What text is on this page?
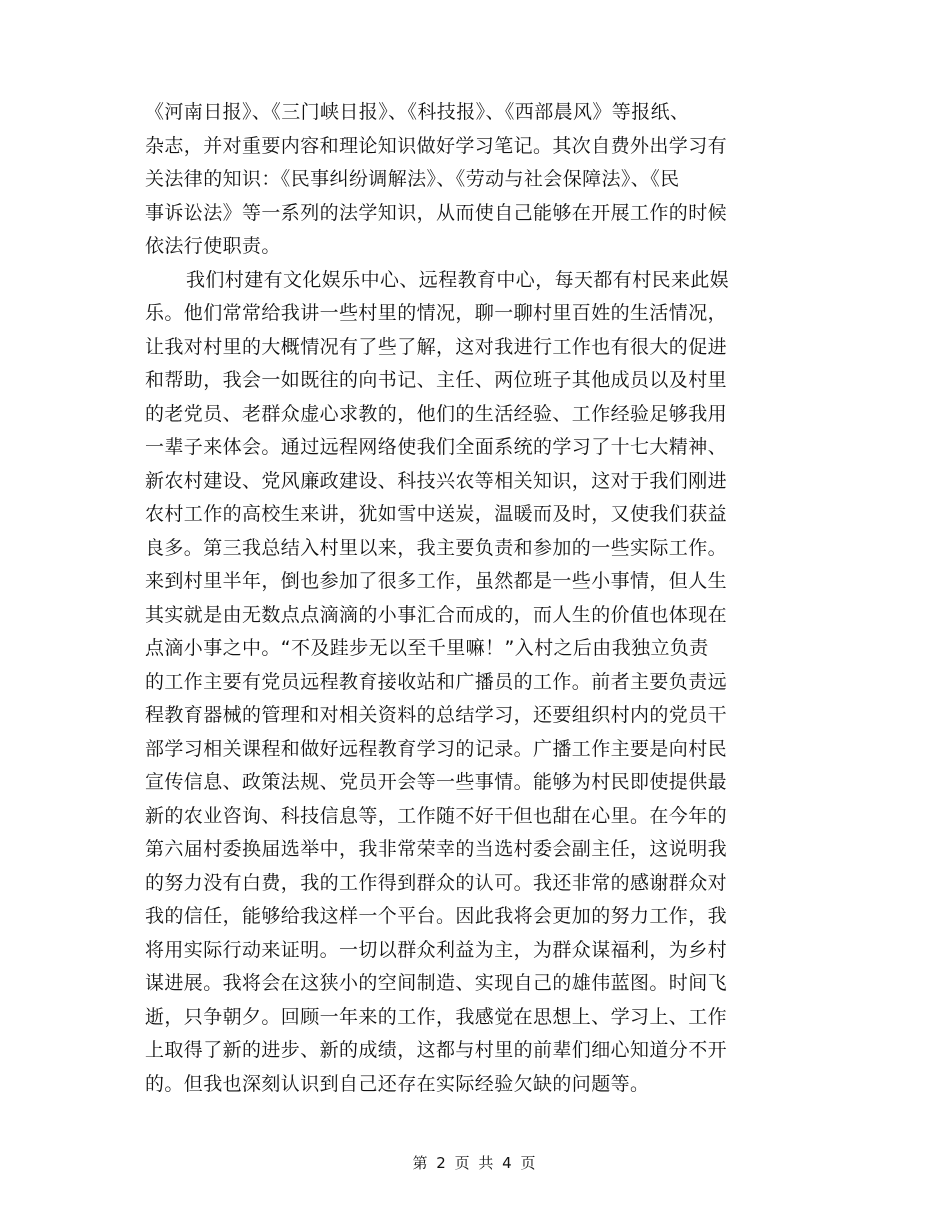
《河南日报》、《三门峡日报》、《科技报》、《西部晨风》等报纸、
杂志，并对重要内容和理论知识做好学习笔记。其次自费外出学习有
关法律的知识：《民事纠纷调解法》、《劳动与社会保障法》、《民
事诉讼法》等一系列的法学知识，从而使自己能够在开展工作的时候
依法行使职责。
我们村建有文化娱乐中心、远程教育中心，每天都有村民来此娱
乐。他们常常给我讲一些村里的情况，聊一聊村里百姓的生活情况，
让我对村里的大概情况有了些了解，这对我进行工作也有很大的促进
和帮助，我会一如既往的向书记、主任、两位班子其他成员以及村里
的老党员、老群众虚心求教的，他们的生活经验、工作经验足够我用
一辈子来体会。通过远程网络使我们全面系统的学习了十七大精神、
新农村建设、党风廉政建设、科技兴农等相关知识，这对于我们刚进
农村工作的高校生来讲，犹如雪中送炭，温暖而及时，又使我们获益
良多。第三我总结入村里以来，我主要负责和参加的一些实际工作。
来到村里半年，倒也参加了很多工作，虽然都是一些小事情，但人生
其实就是由无数点点滴滴的小事汇合而成的，而人生的价值也体现在
点滴小事之中。“不及跬步无以至千里嘛！”入村之后由我独立负责
的工作主要有党员远程教育接收站和广播员的工作。前者主要负责远
程教育器械的管理和对相关资料的总结学习，还要组织村内的党员干
部学习相关课程和做好远程教育学习的记录。广播工作主要是向村民
宣传信息、政策法规、党员开会等一些事情。能够为村民即使提供最
新的农业咨询、科技信息等，工作随不好干但也甜在心里。在今年的
第六届村委换届选举中，我非常荣幸的当选村委会副主任，这说明我
的努力没有白费，我的工作得到群众的认可。我还非常的感谢群众对
我的信任，能够给我这样一个平台。因此我将会更加的努力工作，我
将用实际行动来证明。一切以群众利益为主，为群众谋福利，为乡村
谋进展。我将会在这狭小的空间制造、实现自己的雄伟蓝图。时间飞
逝，只争朝夕。回顾一年来的工作，我感觉在思想上、学习上、工作
上取得了新的进步、新的成绩，这都与村里的前辈们细心知道分不开
的。但我也深刻认识到自己还存在实际经验欠缺的问题等。
第 2 页 共 4 页
